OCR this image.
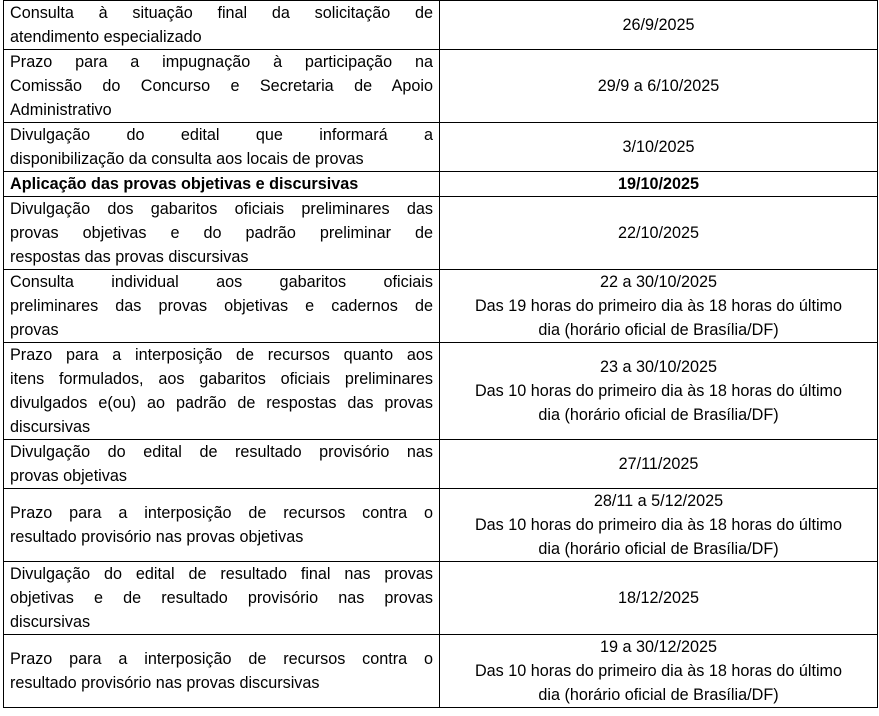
Consulta à situação final da solicitação de
atendimento especializado	26/9/2025

Prazo para a impugnação à participação na
Comissão do Concurso e Secretaria de Apoio
Administrativo	29/9 a 6/10/2025

Divulgação do edital que informará a
disponibilização da consulta aos locais de provas	3/10/2025

Aplicação das provas objetivas e discursivas	19/10/2025

Divulgação dos gabaritos oficiais preliminares das
provas objetivas e do padrão preliminar de
respostas das provas discursivas	22/10/2025

Consulta individual aos gabaritos oficiais
preliminares das provas objetivas e cadernos de
provas	22 a 30/10/2025
Das 19 horas do primeiro dia às 18 horas do último
dia (horário oficial de Brasília/DF)

Prazo para a interposição de recursos quanto aos
itens formulados, aos gabaritos oficiais preliminares
divulgados e(ou) ao padrão de respostas das provas
discursivas	23 a 30/10/2025
Das 10 horas do primeiro dia às 18 horas do último
dia (horário oficial de Brasília/DF)

Divulgação do edital de resultado provisório nas
provas objetivas	27/11/2025

Prazo para a interposição de recursos contra o
resultado provisório nas provas objetivas	28/11 a 5/12/2025
Das 10 horas do primeiro dia às 18 horas do último
dia (horário oficial de Brasília/DF)

Divulgação do edital de resultado final nas provas
objetivas e de resultado provisório nas provas
discursivas	18/12/2025

Prazo para a interposição de recursos contra o
resultado provisório nas provas discursivas	19 a 30/12/2025
Das 10 horas do primeiro dia às 18 horas do último
dia (horário oficial de Brasília/DF)
